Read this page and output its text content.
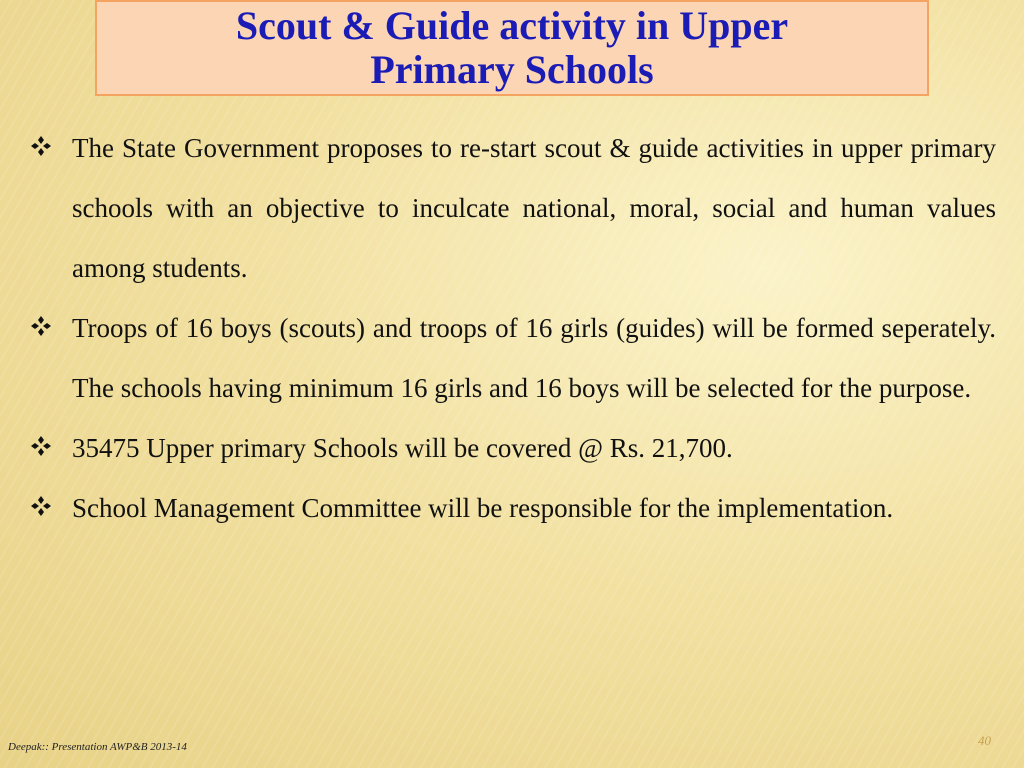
Scout & Guide activity in Upper
Primary Schools
The State Government proposes to re-start scout & guide activities in upper primary schools with an objective to inculcate national, moral, social and human values among students.
Troops of 16 boys (scouts) and troops of 16 girls (guides) will be formed seperately. The schools having minimum 16 girls and 16 boys will be selected for the purpose.
35475 Upper primary Schools will be covered @ Rs. 21,700.
School Management Committee will be responsible for the implementation.
Deepak:: Presentation AWP&B 2013-14	40
